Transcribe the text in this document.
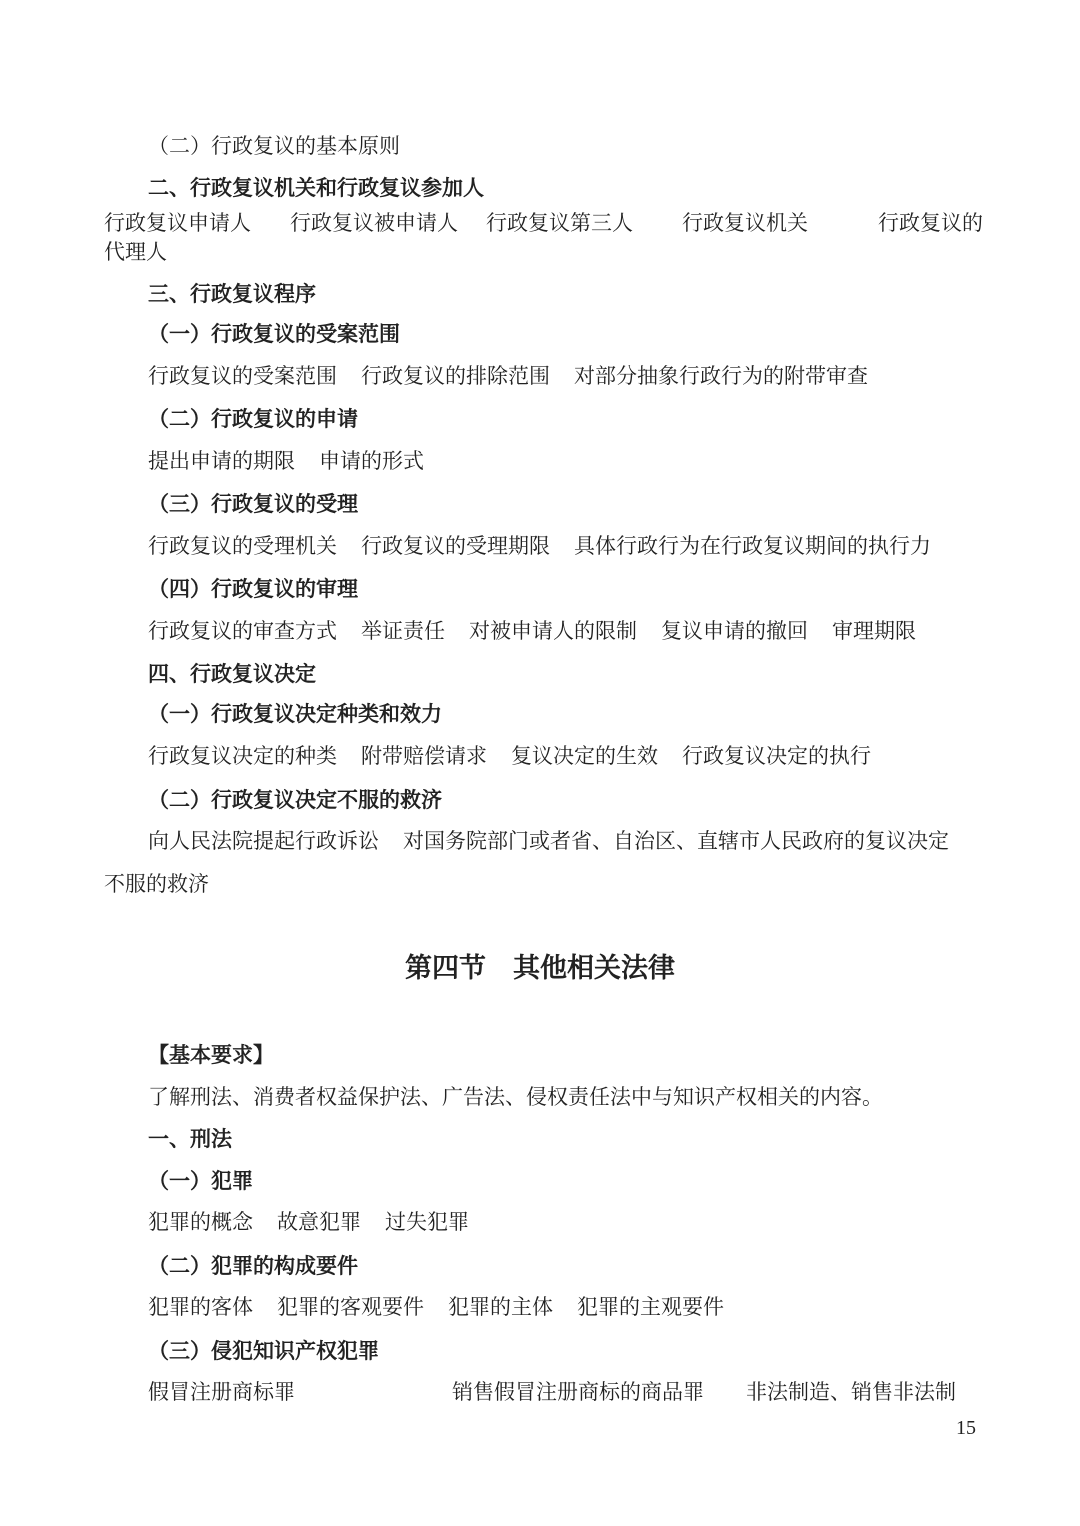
（二）行政复议的基本原则
二、行政复议机关和行政复议参加人
行政复议申请人 行政复议被申请人 行政复议第三人 行政复议机关	行政复议的
代理人
三、行政复议程序
（一）行政复议的受案范围
行政复议的受案范围 行政复议的排除范围 对部分抽象行政行为的附带审查
（二）行政复议的申请
提出申请的期限 申请的形式
（三）行政复议的受理
行政复议的受理机关 行政复议的受理期限 具体行政行为在行政复议期间的执行力
（四）行政复议的审理
行政复议的审查方式 举证责任 对被申请人的限制 复议申请的撤回 审理期限
四、行政复议决定
（一）行政复议决定种类和效力
行政复议决定的种类 附带赔偿请求 复议决定的生效 行政复议决定的执行
（二）行政复议决定不服的救济
向人民法院提起行政诉讼 对国务院部门或者省、自治区、直辖市人民政府的复议决定
不服的救济
第四节　其他相关法律
【基本要求】
了解刑法、消费者权益保护法、广告法、侵权责任法中与知识产权相关的内容。
一、刑法
（一）犯罪
犯罪的概念 故意犯罪 过失犯罪
（二）犯罪的构成要件
犯罪的客体 犯罪的客观要件 犯罪的主体 犯罪的主观要件
（三）侵犯知识产权犯罪
假冒注册商标罪	销售假冒注册商标的商品罪 非法制造、销售非法制
15
